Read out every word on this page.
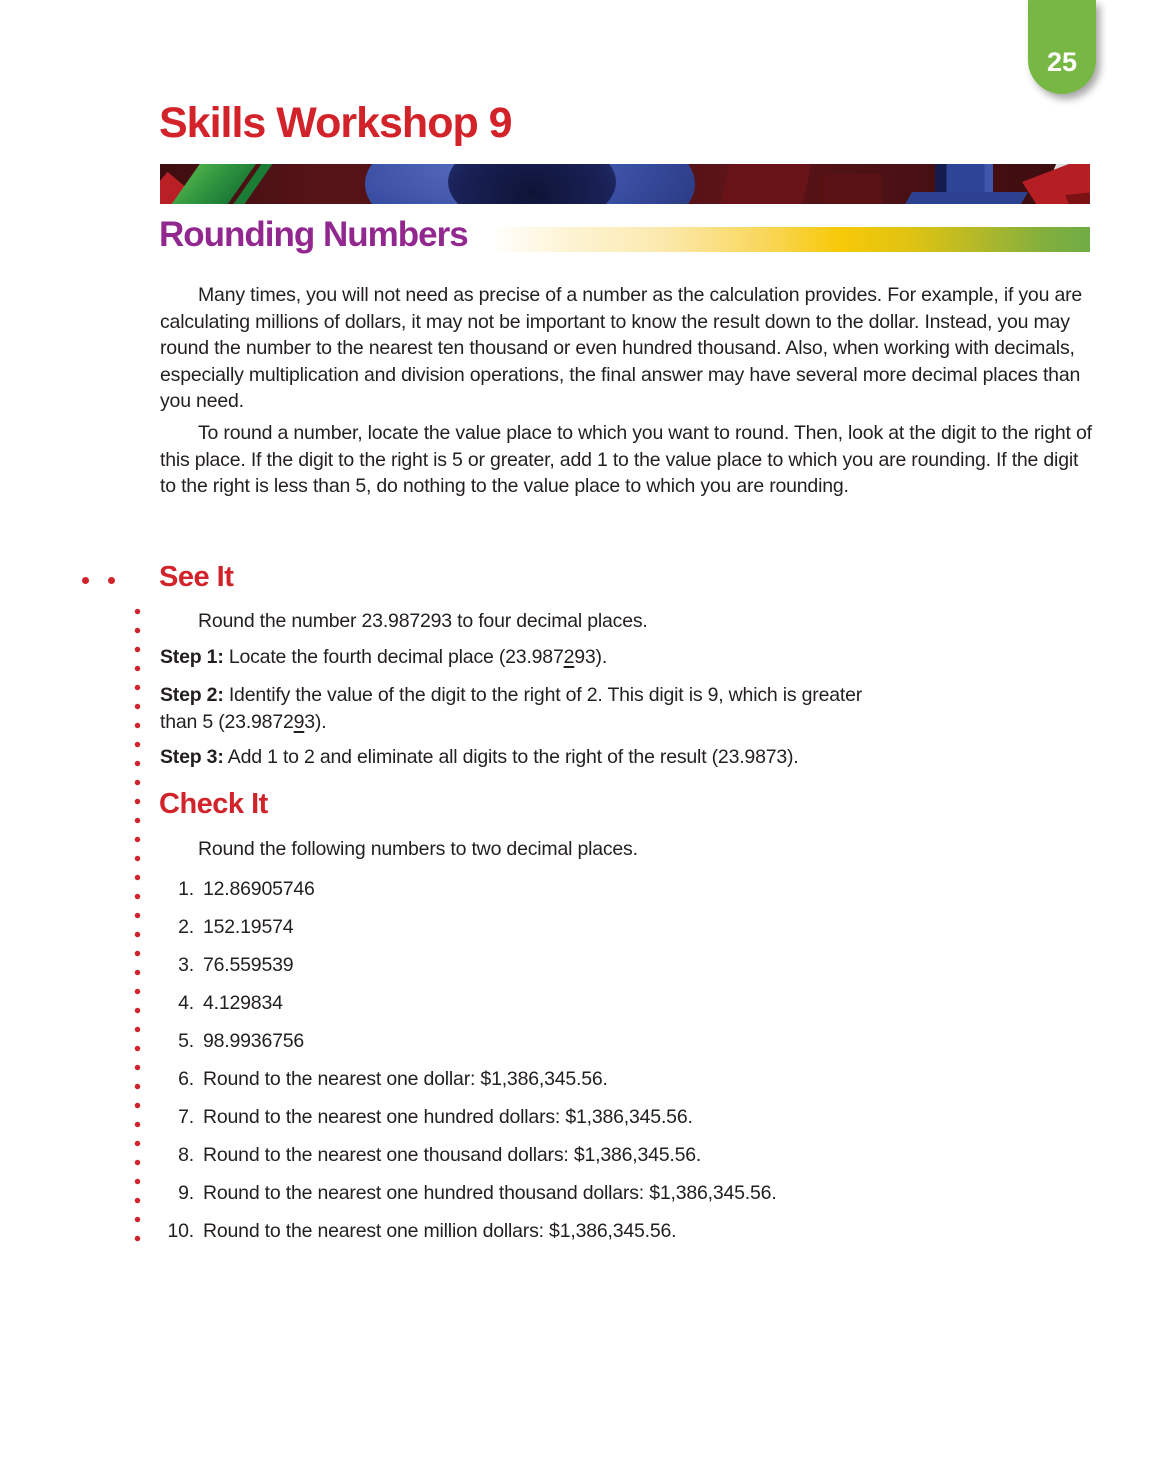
25
Skills Workshop 9
Rounding Numbers

Many times, you will not need as precise of a number as the calculation provides. For example, if you are calculating millions of dollars, it may not be important to know the result down to the dollar. Instead, you may round the number to the nearest ten thousand or even hundred thousand. Also, when working with decimals, especially multiplication and division operations, the final answer may have several more decimal places than you need.

To round a number, locate the value place to which you want to round. Then, look at the digit to the right of this place. If the digit to the right is 5 or greater, add 1 to the value place to which you are rounding. If the digit to the right is less than 5, do nothing to the value place to which you are rounding.

See It

Round the number 23.987293 to four decimal places.

Step 1: Locate the fourth decimal place (23.987293).

Step 2: Identify the value of the digit to the right of 2. This digit is 9, which is greater than 5 (23.987293).

Step 3: Add 1 to 2 and eliminate all digits to the right of the result (23.9873).

Check It

Round the following numbers to two decimal places.

1. 12.86905746
2. 152.19574
3. 76.559539
4. 4.129834
5. 98.9936756
6. Round to the nearest one dollar: $1,386,345.56.
7. Round to the nearest one hundred dollars: $1,386,345.56.
8. Round to the nearest one thousand dollars: $1,386,345.56.
9. Round to the nearest one hundred thousand dollars: $1,386,345.56.
10. Round to the nearest one million dollars: $1,386,345.56.
